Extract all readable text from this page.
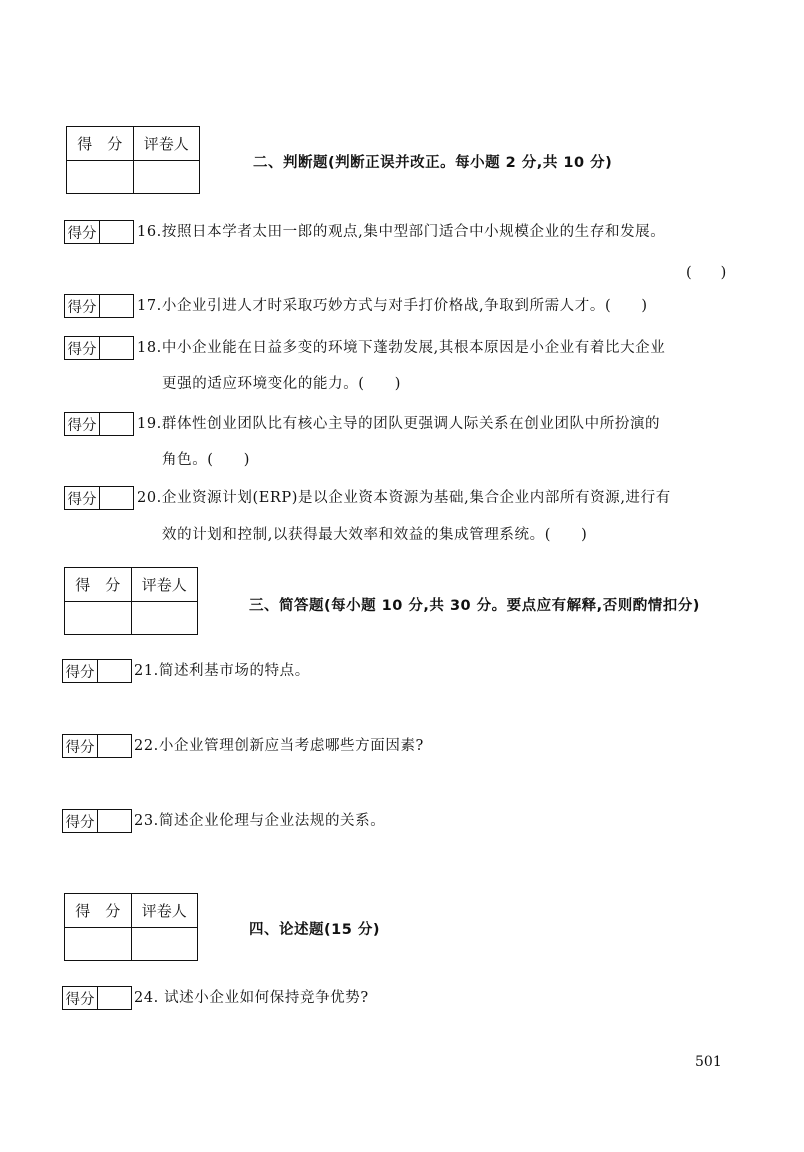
得　分	评卷人
二、判断题(判断正误并改正。每小题 2 分,共 10 分)
得分	16.按照日本学者太田一郎的观点,集中型部门适合中小规模企业的生存和发展。
(　　)
得分	17.小企业引进人才时采取巧妙方式与对手打价格战,争取到所需人才。(　　)
得分	18.中小企业能在日益多变的环境下蓬勃发展,其根本原因是小企业有着比大企业
更强的适应环境变化的能力。(　　)
得分	19.群体性创业团队比有核心主导的团队更强调人际关系在创业团队中所扮演的
角色。(　　)
得分	20.企业资源计划(ERP)是以企业资本资源为基础,集合企业内部所有资源,进行有
效的计划和控制,以获得最大效率和效益的集成管理系统。(　　)
得　分	评卷人
三、简答题(每小题 10 分,共 30 分。要点应有解释,否则酌情扣分)
得分	21.简述利基市场的特点。
得分	22.小企业管理创新应当考虑哪些方面因素?
得分	23.简述企业伦理与企业法规的关系。
得　分	评卷人
四、论述题(15 分)
得分	24. 试述小企业如何保持竞争优势?
501
